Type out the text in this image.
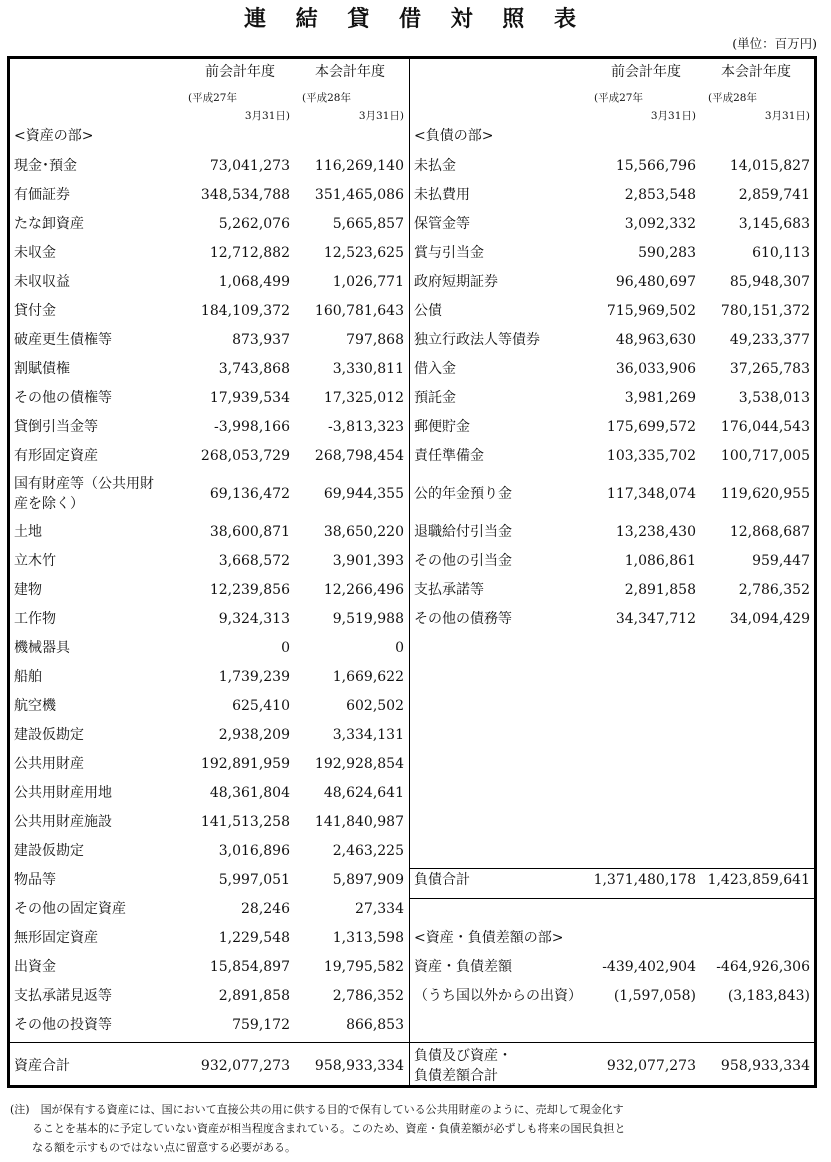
連 結 貸 借 対 照 表
(単位：百万円)
前会計年度	本会計年度
(平成27年	(平成28年
3月31日)	3月31日)
前会計年度	本会計年度
(平成27年	(平成28年
3月31日)	3月31日)
<資産の部>	<負債の部>
現金･預金	73,041,273	116,269,140
有価証券	348,534,788	351,465,086
たな卸資産	5,262,076	5,665,857
未収金	12,712,882	12,523,625
未収収益	1,068,499	1,026,771
貸付金	184,109,372	160,781,643
破産更生債権等	873,937	797,868
割賦債権	3,743,868	3,330,811
その他の債権等	17,939,534	17,325,012
貸倒引当金等	-3,998,166	-3,813,323
有形固定資産	268,053,729	268,798,454
国有財産等（公共用財
産を除く）
69,136,472	69,944,355
土地	38,600,871	38,650,220
立木竹	3,668,572	3,901,393
建物	12,239,856	12,266,496
工作物	9,324,313	9,519,988
機械器具	0	0
船舶	1,739,239	1,669,622
航空機	625,410	602,502
建設仮勘定	2,938,209	3,334,131
公共用財産	192,891,959	192,928,854
公共用財産用地	48,361,804	48,624,641
公共用財産施設	141,513,258	141,840,987
建設仮勘定	3,016,896	2,463,225
物品等	5,997,051	5,897,909
その他の固定資産	28,246	27,334
無形固定資産	1,229,548	1,313,598
出資金	15,854,897	19,795,582
支払承諾見返等	2,891,858	2,786,352
その他の投資等	759,172	866,853
資産合計	932,077,273	958,933,334
未払金	15,566,796	14,015,827
未払費用	2,853,548	2,859,741
保管金等	3,092,332	3,145,683
賞与引当金	590,283	610,113
政府短期証券	96,480,697	85,948,307
公債	715,969,502	780,151,372
独立行政法人等債券	48,963,630	49,233,377
借入金	36,033,906	37,265,783
預託金	3,981,269	3,538,013
郵便貯金	175,699,572	176,044,543
責任準備金	103,335,702	100,717,005
公的年金預り金	117,348,074	119,620,955
退職給付引当金	13,238,430	12,868,687
その他の引当金	1,086,861	959,447
支払承諾等	2,891,858	2,786,352
その他の債務等	34,347,712	34,094,429
負債合計	1,371,480,178 1,423,859,641
<資産・負債差額の部>
資産・負債差額	-439,402,904	-464,926,306
（うち国以外からの出資）	(1,597,058)	(3,183,843)
負債及び資産・
負債差額合計
932,077,273	958,933,334
(注)　国が保有する資産には、国において直接公共の用に供する目的で保有している公共用財産のように、売却して現金化す
　　ることを基本的に予定していない資産が相当程度含まれている。このため、資産・負債差額が必ずしも将来の国民負担と
　　なる額を示すものではない点に留意する必要がある。
